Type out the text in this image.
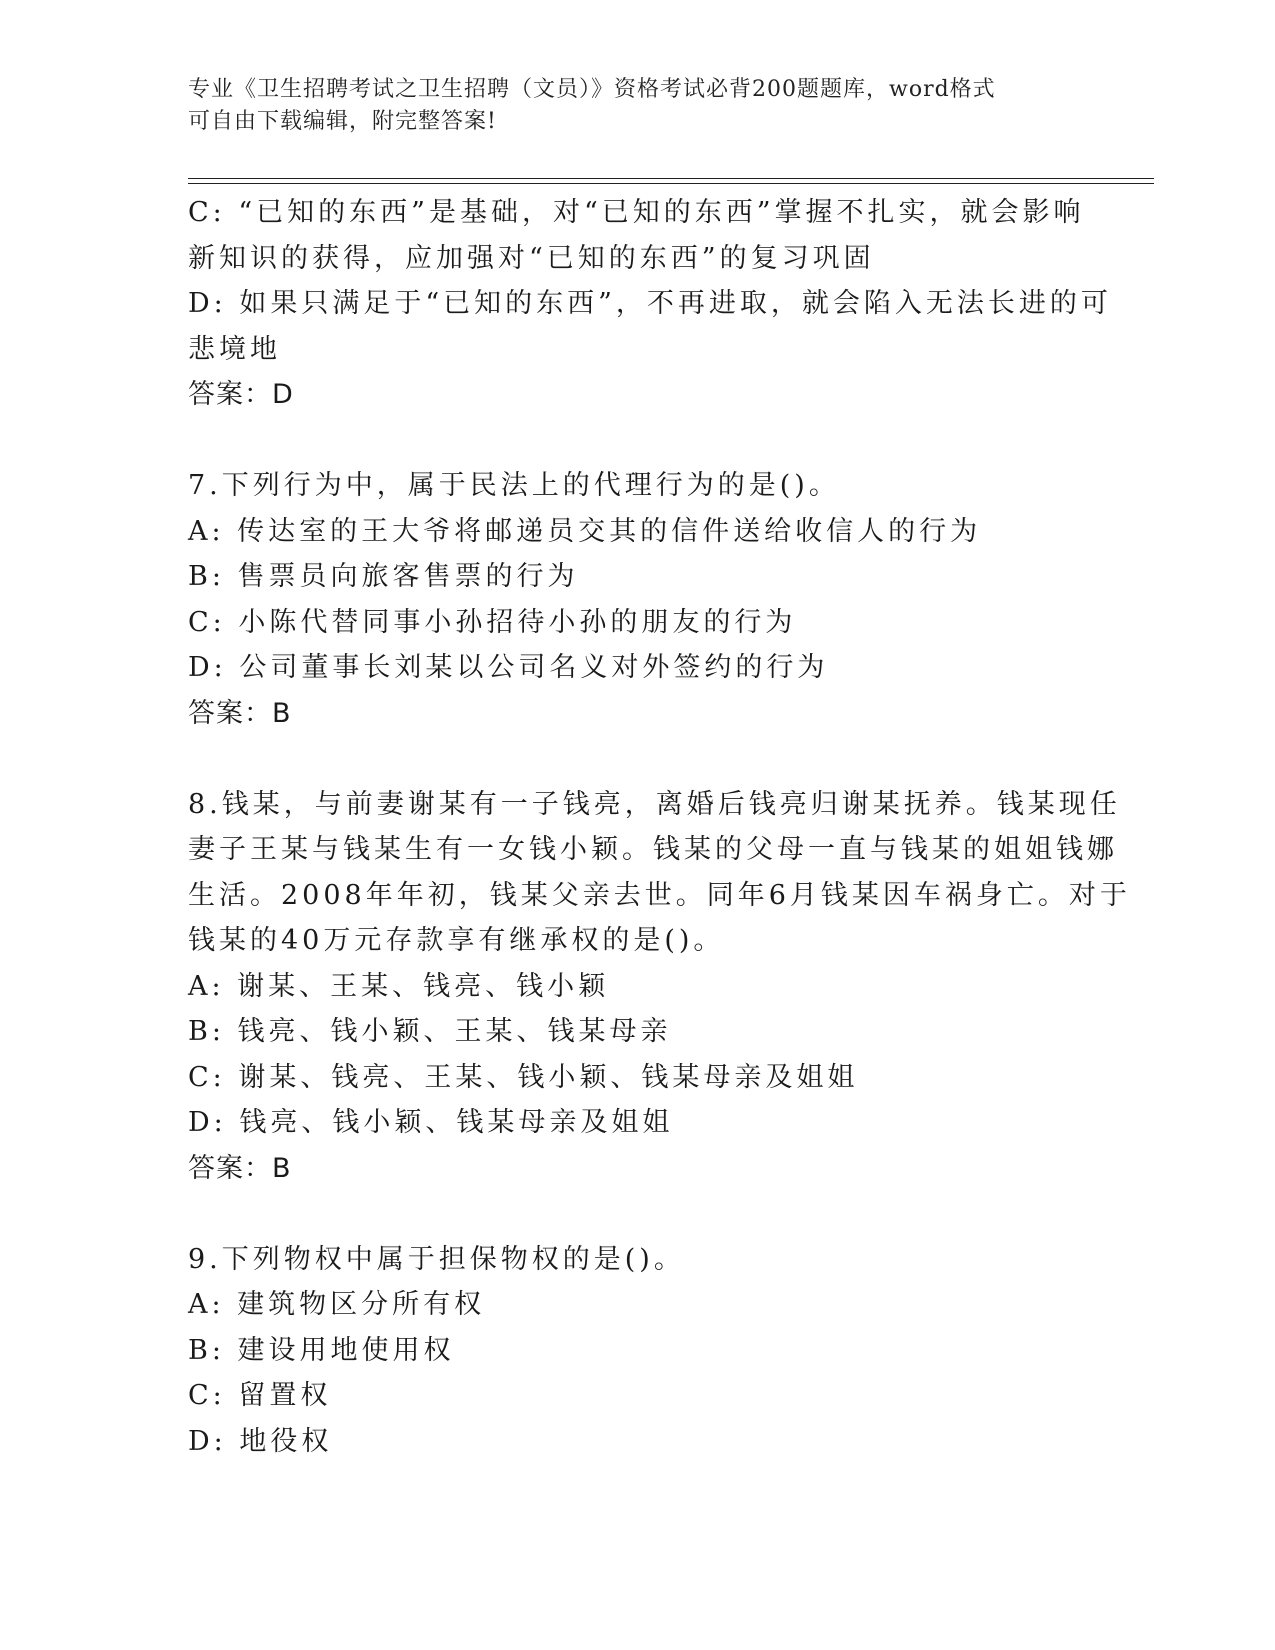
专业《卫生招聘考试之卫生招聘（文员）》资格考试必背200题题库，word格式
可自由下载编辑，附完整答案!
C: “已知的东西”是基础，对“已知的东西”掌握不扎实，就会影响
新知识的获得，应加强对“已知的东西”的复习巩固
D: 如果只满足于“已知的东西”，不再进取，就会陷入无法长进的可
悲境地
答案：D
7.下列行为中，属于民法上的代理行为的是()。
A: 传达室的王大爷将邮递员交其的信件送给收信人的行为
B: 售票员向旅客售票的行为
C: 小陈代替同事小孙招待小孙的朋友的行为
D: 公司董事长刘某以公司名义对外签约的行为
答案：B
8.钱某，与前妻谢某有一子钱亮，离婚后钱亮归谢某抚养。钱某现任
妻子王某与钱某生有一女钱小颖。钱某的父母一直与钱某的姐姐钱娜
生活。2008年年初，钱某父亲去世。同年6月钱某因车祸身亡。对于
钱某的40万元存款享有继承权的是()。
A: 谢某、王某、钱亮、钱小颖
B: 钱亮、钱小颖、王某、钱某母亲
C: 谢某、钱亮、王某、钱小颖、钱某母亲及姐姐
D: 钱亮、钱小颖、钱某母亲及姐姐
答案：B
9.下列物权中属于担保物权的是()。
A: 建筑物区分所有权
B: 建设用地使用权
C: 留置权
D: 地役权
